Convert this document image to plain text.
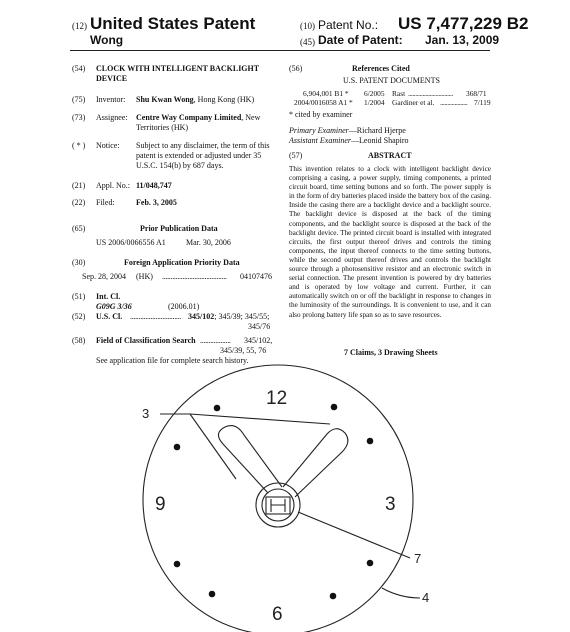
(12) United States Patent
Wong
(10) Patent No.: US 7,477,229 B2
(45) Date of Patent: Jan. 13, 2009
(54) CLOCK WITH INTELLIGENT BACKLIGHT
DEVICE
(75) Inventor: Shu Kwan Wong, Hong Kong (HK)
(73) Assignee: Centre Way Company Limited, New
Territories (HK)
( * ) Notice: Subject to any disclaimer, the term of this
patent is extended or adjusted under 35
U.S.C. 154(b) by 687 days.
(21) Appl. No.: 11/048,747
(22) Filed:	Feb. 3, 2005
(65)	Prior Publication Data
US 2006/0066556 A1	Mar. 30, 2006
(30)	Foreign Application Priority Data
Sep. 28, 2004 (HK) ...................................... 04107476
(51) Int. Cl.
G09G 3/36	(2006.01)
(52) U.S. Cl. .............................. 345/102; 345/39; 345/55;
345/76
(58) Field of Classification Search .................. 345/102,
345/39, 55, 76
See application file for complete search history.
(56)	References Cited
U.S. PATENT DOCUMENTS
6,904,001 B1 * 6/2005 Rast ............................... 368/71
2004/0016058 A1 * 1/2004 Gardiner et al. ................... 7/119
* cited by examiner
Primary Examiner—Richard Hjerpe
Assistant Examiner—Leonid Shapiro
(57)	ABSTRACT
This invention relates to a clock with intelligent backlight device comprising a casing, a power supply, timing components, a printed circuit board, time setting buttons and so forth. The power supply is in the form of dry batteries placed inside the battery box of the casing. Inside the casing there are a backlight device and a backlight source. The backlight device is disposed at the back of the timing components, and the backlight source is disposed at the back of the backlight device. The printed circuit board is installed with integrated circuits, the first output thereof drives and controls the timing components, the input thereof connects to the time setting buttons, while the second output thereof drives and controls the backlight source through a photosensitive resistor and an electronic switch in serial connection. The present invention is powered by dry batteries and is operated by low voltage and current. Further, it can automatically switch on or off the backlight in response to changes in the luminosity of the surroundings. It is convenient to use, and it can also prolong battery life span so as to save resources.
7 Claims, 3 Drawing Sheets
12
3
6
9
3
7
4
